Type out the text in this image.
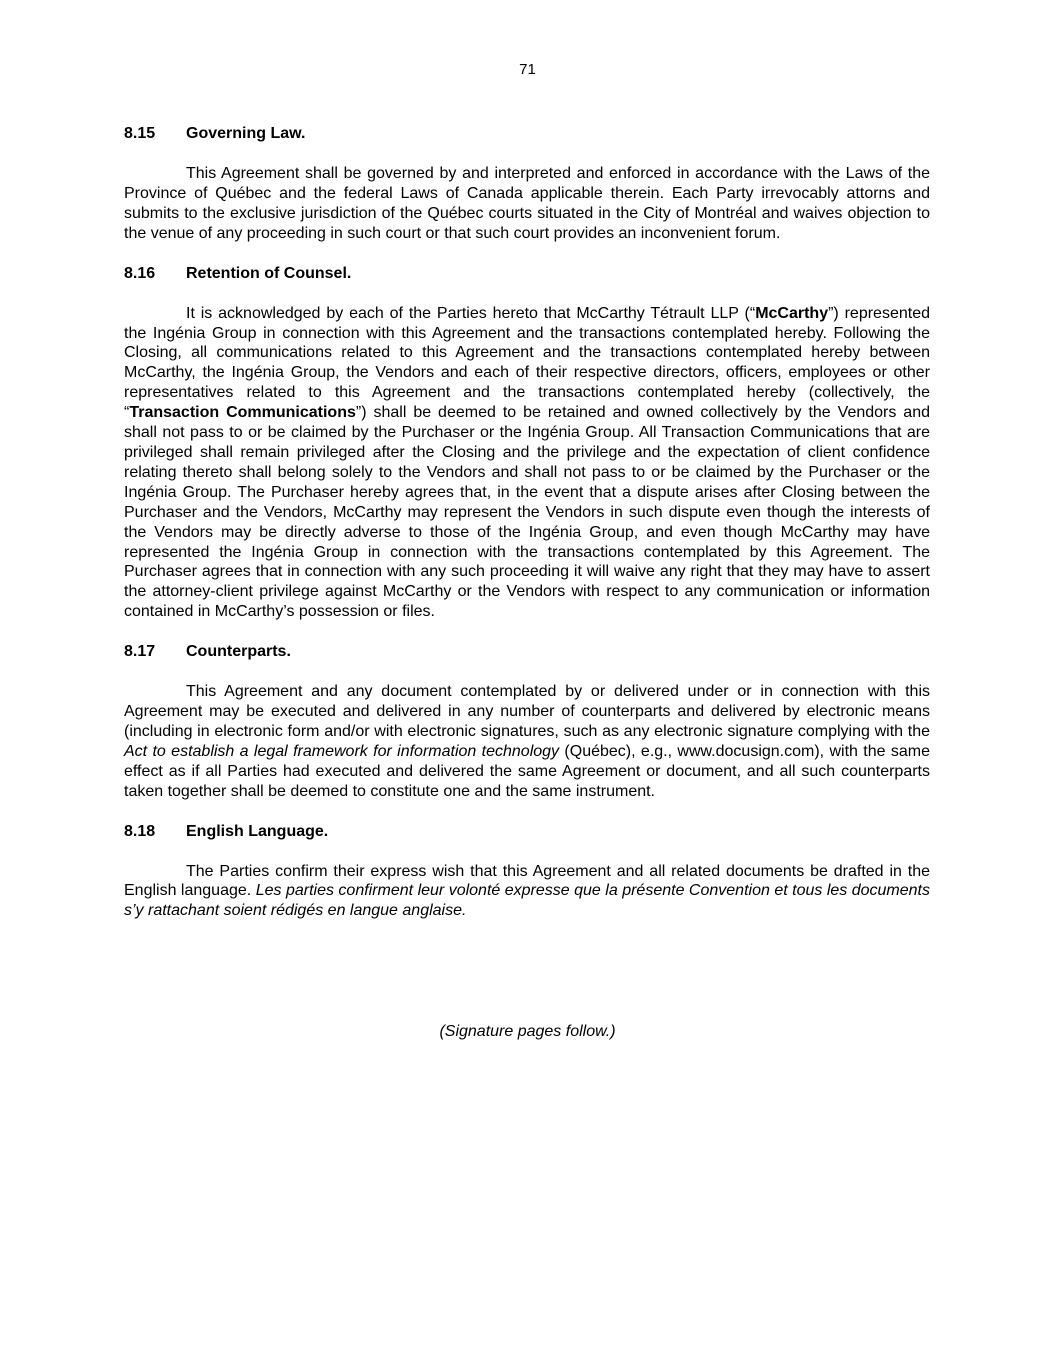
71
8.15	Governing Law.

This Agreement shall be governed by and interpreted and enforced in accordance with the Laws of the Province of Québec and the federal Laws of Canada applicable therein. Each Party irrevocably attorns and submits to the exclusive jurisdiction of the Québec courts situated in the City of Montréal and waives objection to the venue of any proceeding in such court or that such court provides an inconvenient forum.

8.16	Retention of Counsel.

It is acknowledged by each of the Parties hereto that McCarthy Tétrault LLP (“McCarthy”) represented the Ingénia Group in connection with this Agreement and the transactions contemplated hereby. Following the Closing, all communications related to this Agreement and the transactions contemplated hereby between McCarthy, the Ingénia Group, the Vendors and each of their respective directors, officers, employees or other representatives related to this Agreement and the transactions contemplated hereby (collectively, the “Transaction Communications”) shall be deemed to be retained and owned collectively by the Vendors and shall not pass to or be claimed by the Purchaser or the Ingénia Group. All Transaction Communications that are privileged shall remain privileged after the Closing and the privilege and the expectation of client confidence relating thereto shall belong solely to the Vendors and shall not pass to or be claimed by the Purchaser or the Ingénia Group. The Purchaser hereby agrees that, in the event that a dispute arises after Closing between the Purchaser and the Vendors, McCarthy may represent the Vendors in such dispute even though the interests of the Vendors may be directly adverse to those of the Ingénia Group, and even though McCarthy may have represented the Ingénia Group in connection with the transactions contemplated by this Agreement. The Purchaser agrees that in connection with any such proceeding it will waive any right that they may have to assert the attorney-client privilege against McCarthy or the Vendors with respect to any communication or information contained in McCarthy’s possession or files.

8.17	Counterparts.

This Agreement and any document contemplated by or delivered under or in connection with this Agreement may be executed and delivered in any number of counterparts and delivered by electronic means (including in electronic form and/or with electronic signatures, such as any electronic signature complying with the Act to establish a legal framework for information technology (Québec), e.g., www.docusign.com), with the same effect as if all Parties had executed and delivered the same Agreement or document, and all such counterparts taken together shall be deemed to constitute one and the same instrument.

8.18	English Language.

The Parties confirm their express wish that this Agreement and all related documents be drafted in the English language. Les parties confirment leur volonté expresse que la présente Convention et tous les documents s’y rattachant soient rédigés en langue anglaise.

(Signature pages follow.)
